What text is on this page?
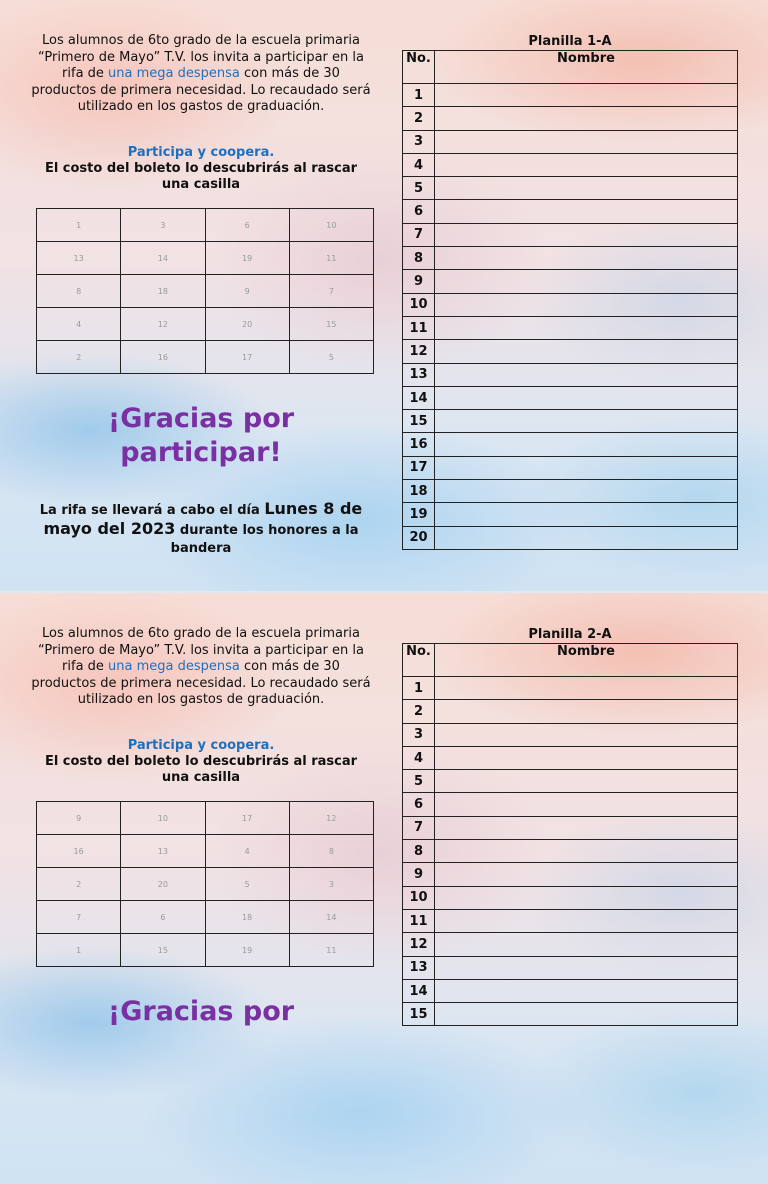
Los alumnos de 6to grado de la escuela primaria “Primero de Mayo” T.V. los invita a participar en la rifa de una mega despensa con más de 30 productos de primera necesidad. Lo recaudado será utilizado en los gastos de graduación.
Participa y coopera.
El costo del boleto lo descubrirás al rascar una casilla
1	3	6	10
13	14	19	11
8	18	9	7
4	12	20	15
2	16	17	5
¡Gracias por participar!
La rifa se llevará a cabo el día Lunes 8 de mayo del 2023 durante los honores a la bandera
Planilla 1-A
No.	Nombre
1	
2	
3	
4	
5	
6	
7	
8	
9	
10	
11	
12	
13	
14	
15	
16	
17	
18	
19	
20	
Los alumnos de 6to grado de la escuela primaria “Primero de Mayo” T.V. los invita a participar en la rifa de una mega despensa con más de 30 productos de primera necesidad. Lo recaudado será utilizado en los gastos de graduación.
Participa y coopera.
El costo del boleto lo descubrirás al rascar una casilla
9	10	17	12
16	13	4	8
2	20	5	3
7	6	18	14
1	15	19	11
¡Gracias por
Planilla 2-A
No.	Nombre
1	
2	
3	
4	
5	
6	
7	
8	
9	
10	
11	
12	
13	
14	
15	
